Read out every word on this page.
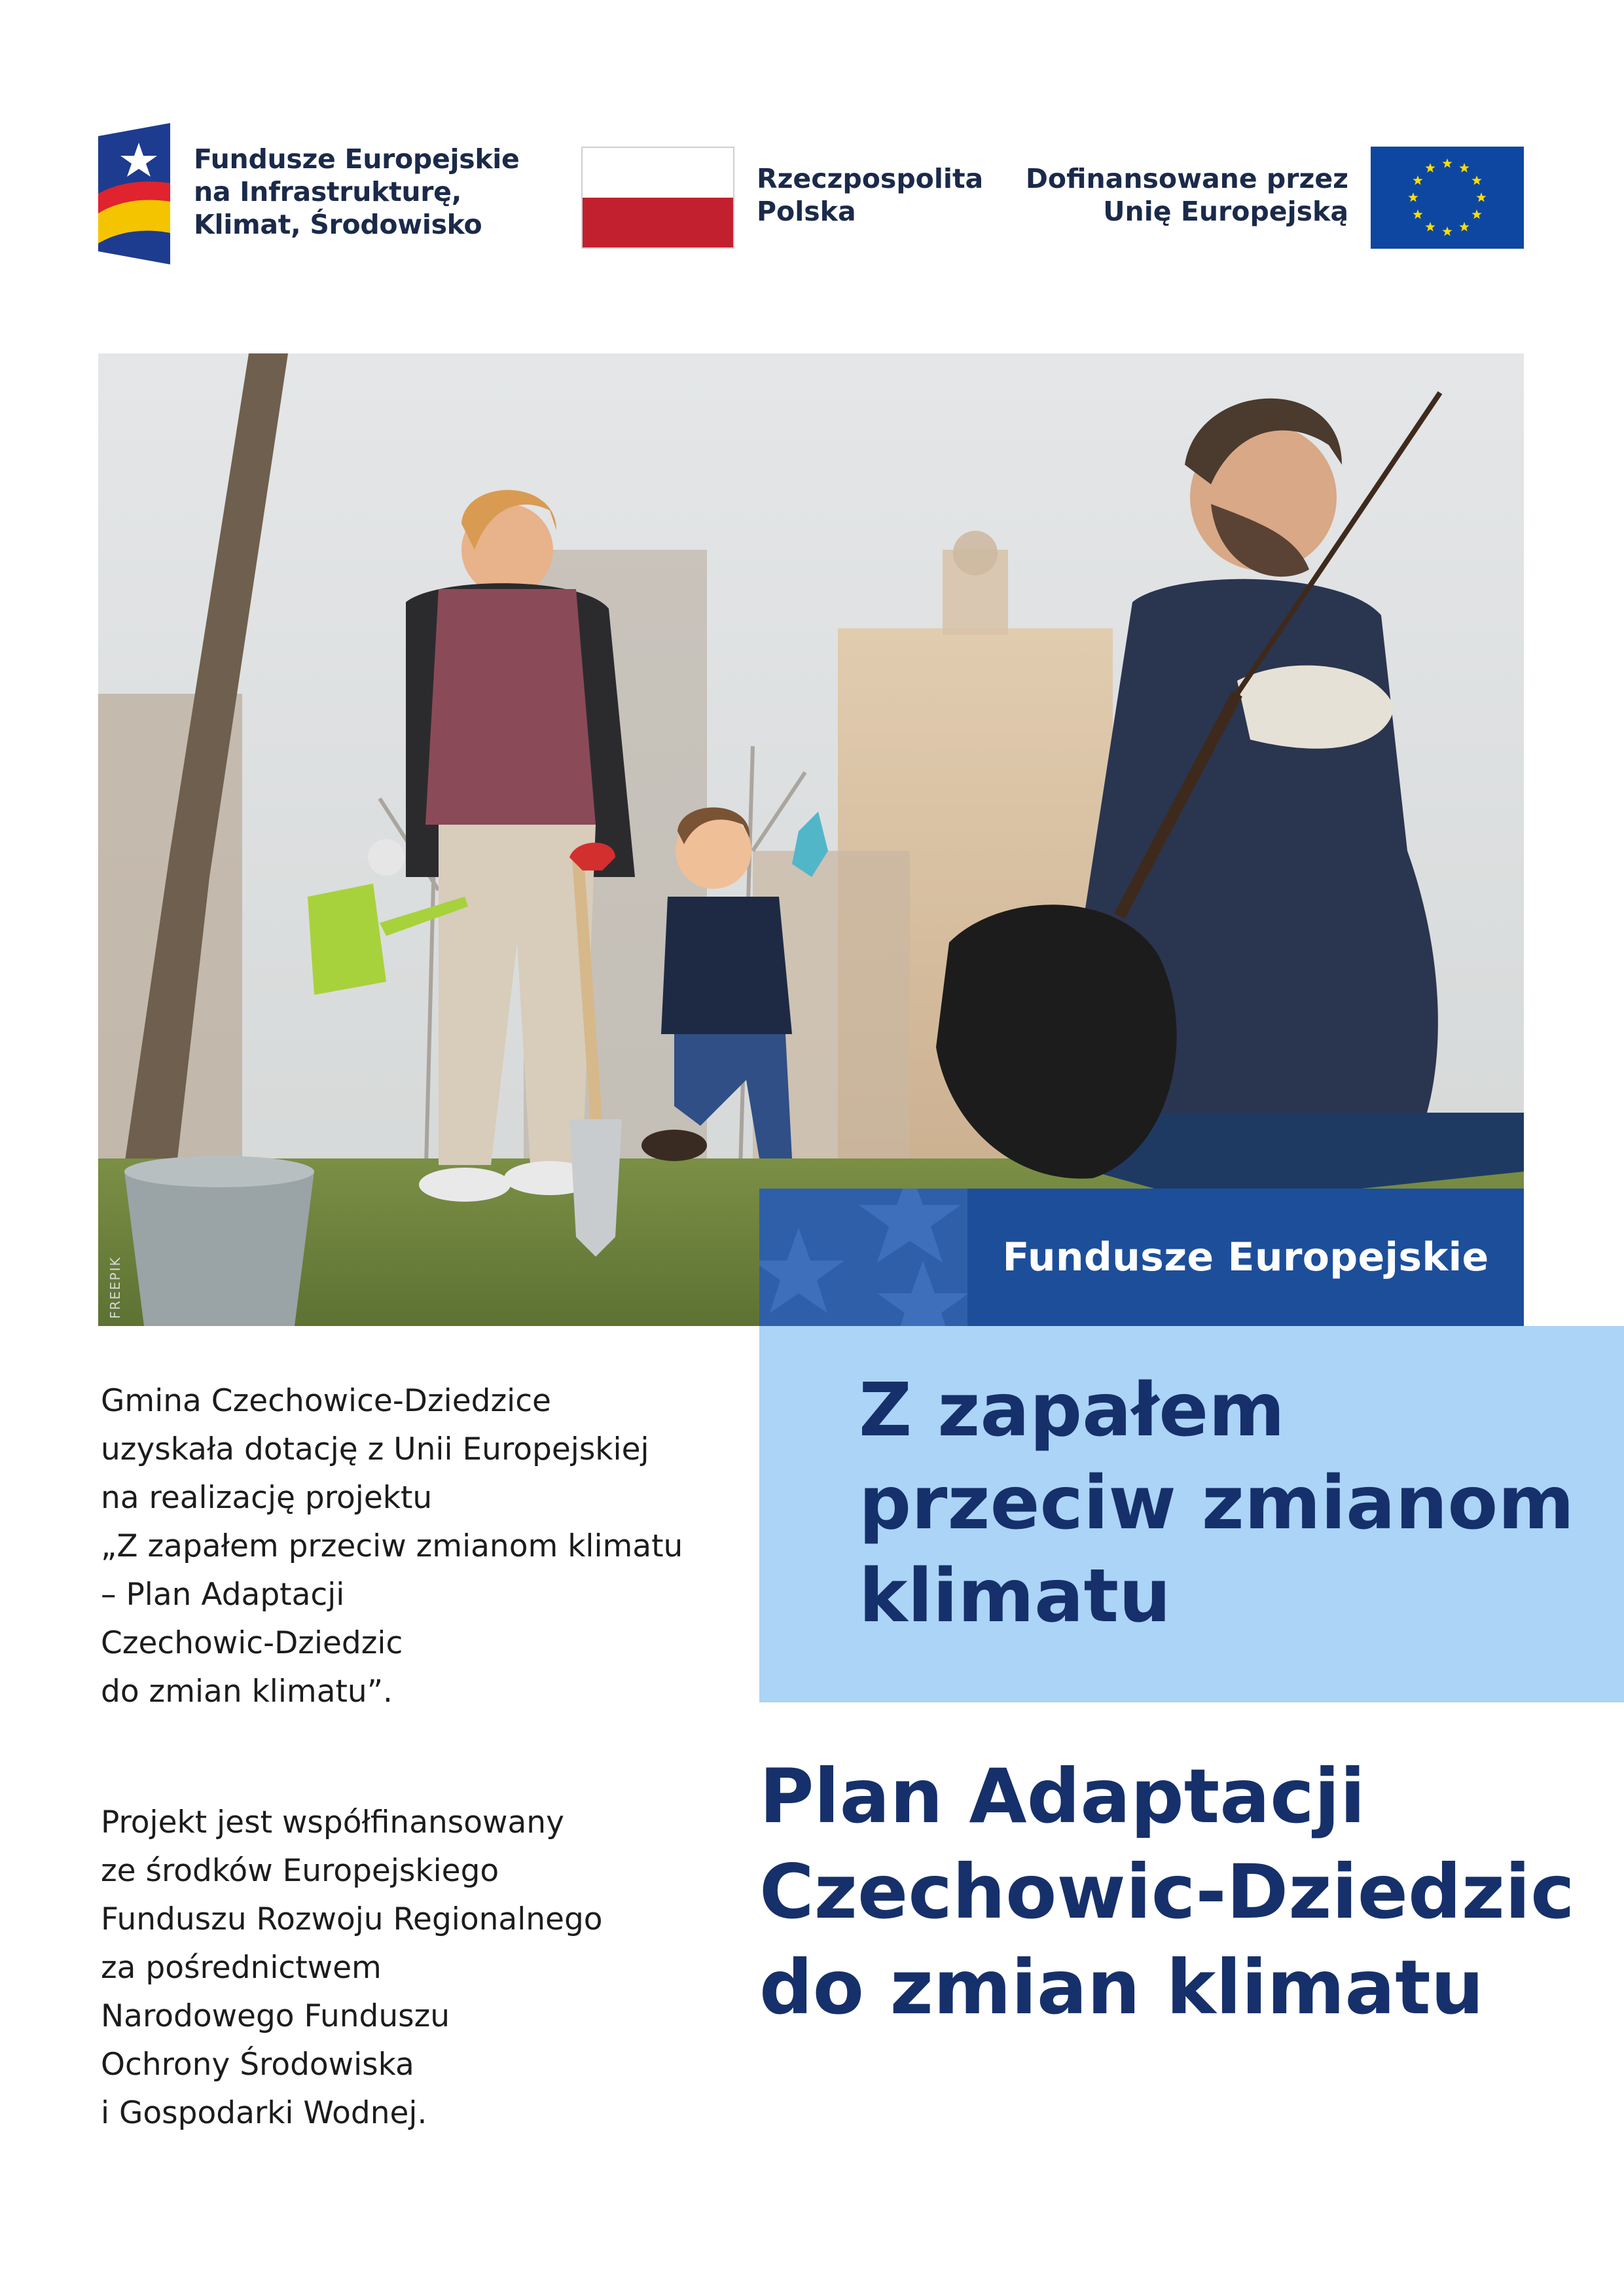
Fundusze Europejskie
na Infrastrukturę,
Klimat, Środowisko
Rzeczpospolita
Polska
Dofinansowane przez
Unię Europejską
FREEPIK	Fundusze Europejskie
Z zapałem
przeciw zmianom
klimatu
Plan Adaptacji
Czechowic-Dziedzic
do zmian klimatu
Gmina Czechowice-Dziedzice
uzyskała dotację z Unii Europejskiej
na realizację projektu
„Z zapałem przeciw zmianom klimatu
– Plan Adaptacji
Czechowic-Dziedzic
do zmian klimatu”.
Projekt jest współfinansowany
ze środków Europejskiego
Funduszu Rozwoju Regionalnego
za pośrednictwem
Narodowego Funduszu
Ochrony Środowiska
i Gospodarki Wodnej.
